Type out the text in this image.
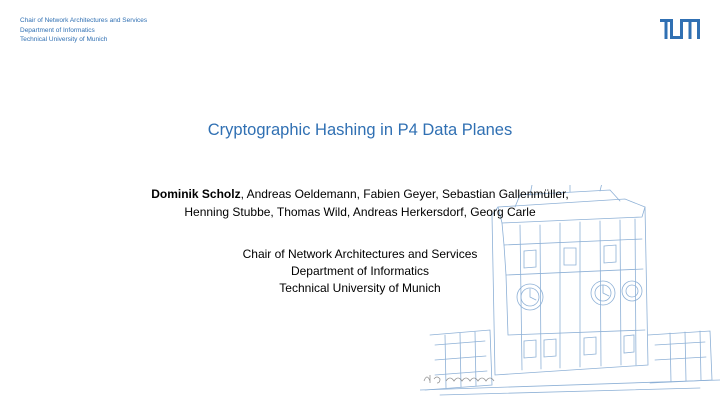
Chair of Network Architectures and Services
Department of Informatics
Technical University of Munich
Cryptographic Hashing in P4 Data Planes
Dominik Scholz, Andreas Oeldemann, Fabien Geyer, Sebastian Gallenmüller,
Henning Stubbe, Thomas Wild, Andreas Herkersdorf, Georg Carle
Chair of Network Architectures and Services
Department of Informatics
Technical University of Munich
